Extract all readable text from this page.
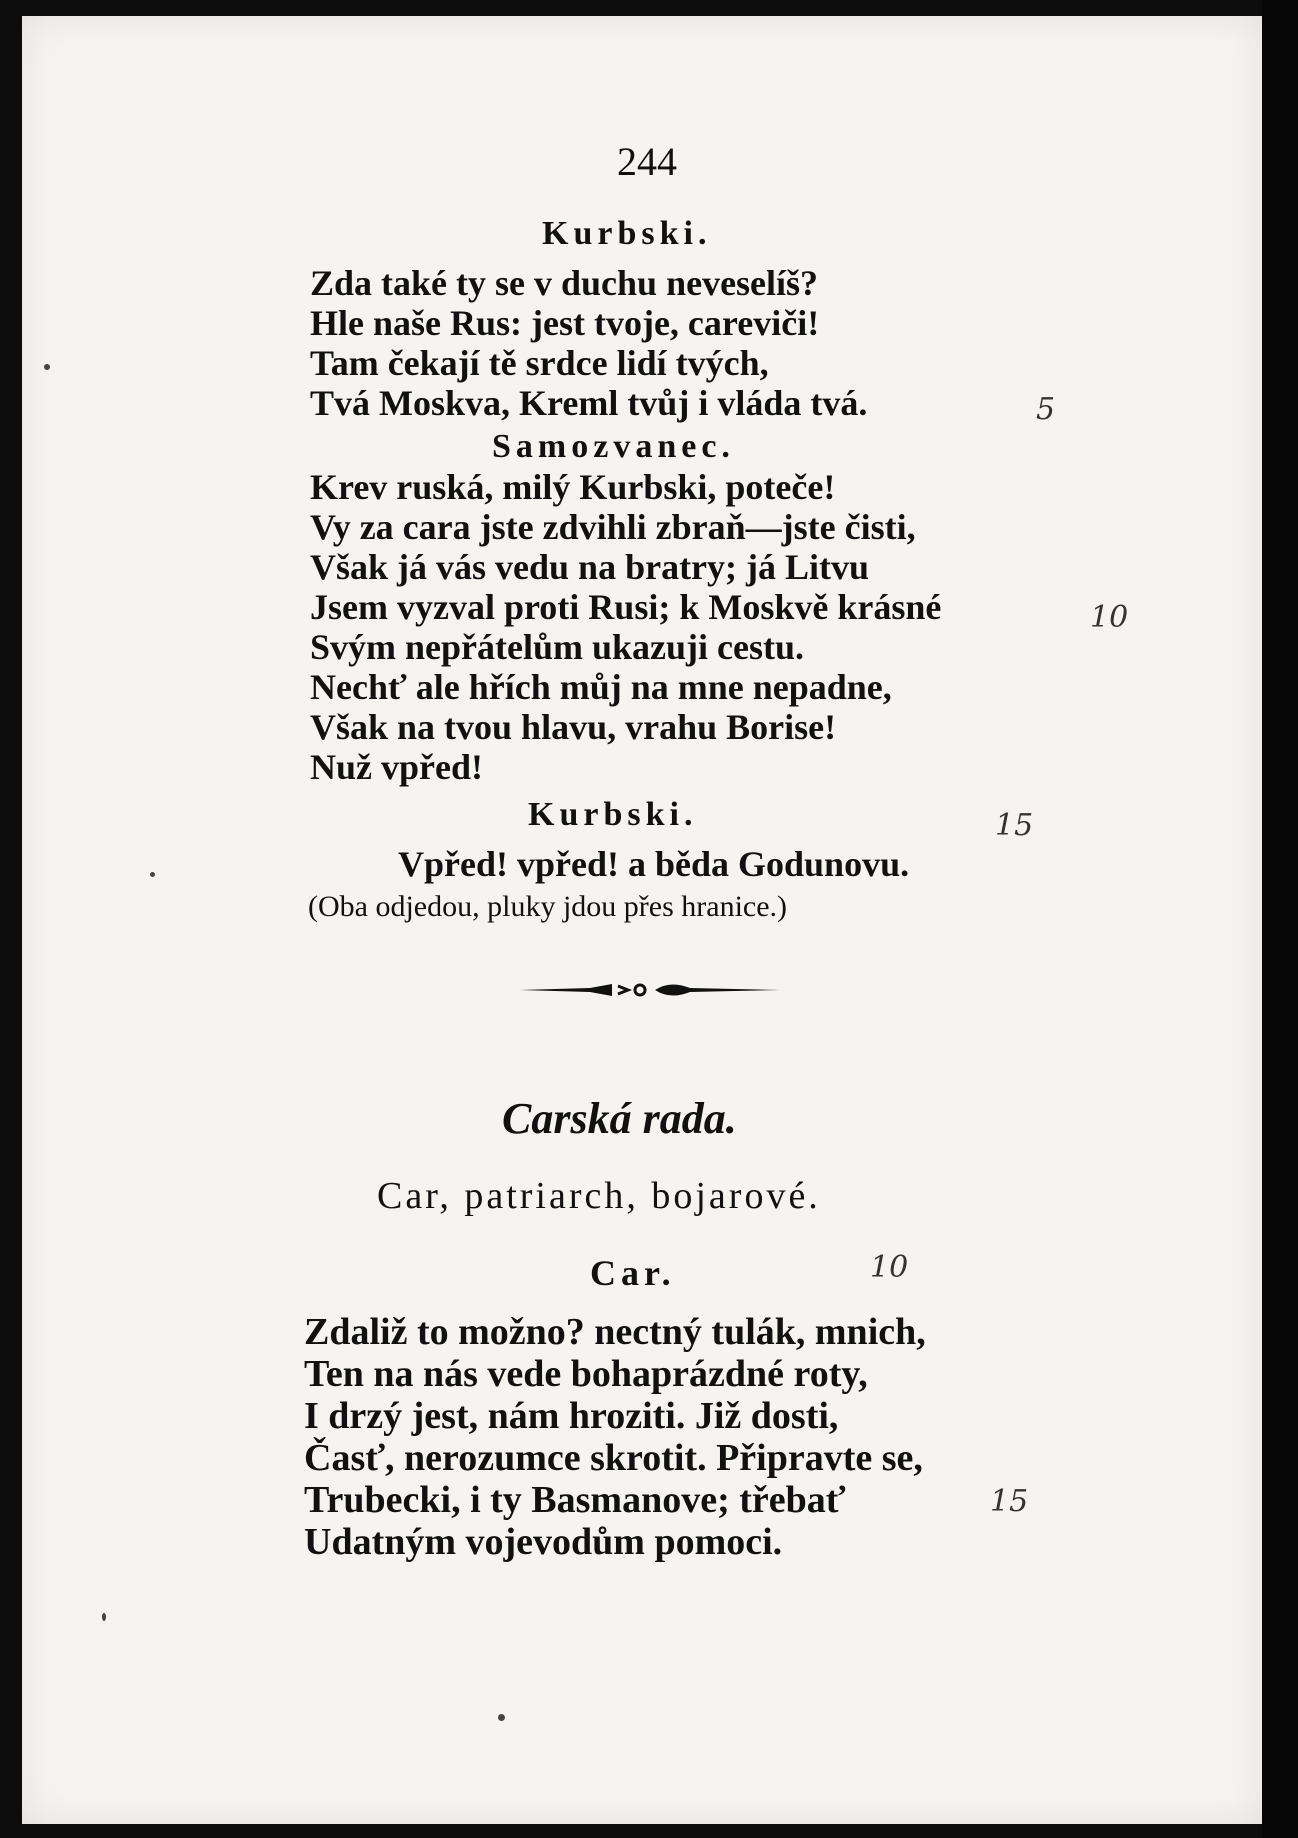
244
Kurbski.
Zda také ty se v duchu neveselíš?
Hle naše Rus: jest tvoje, careviči!
Tam čekají tě srdce lidí tvých,
Tvá Moskva, Kreml tvůj i vláda tvá.
Samozvanec.
Krev ruská, milý Kurbski, poteče!
Vy za cara jste zdvihli zbraň—jste čisti,
Však já vás vedu na bratry; já Litvu
Jsem vyzval proti Rusi; k Moskvě krásné
Svým nepřátelům ukazuji cestu.
Nechť ale hřích můj na mne nepadne,
Však na tvou hlavu, vrahu Borise!
Nuž vpřed!
Kurbski.
Vpřed! vpřed! a běda Godunovu.
(Oba odjedou, pluky jdou přes hranice.)
Carská rada.
Car, patriarch, bojarové.
Car.
Zdaliž to možno? nectný tulák, mnich,
Ten na nás vede bohaprázdné roty,
I drzý jest, nám hroziti. Již dosti,
Časť, nerozumce skrotit. Připravte se,
Trubecki, i ty Basmanove; třebať
Udatným vojevodům pomoci.
5
10
15
10
15
